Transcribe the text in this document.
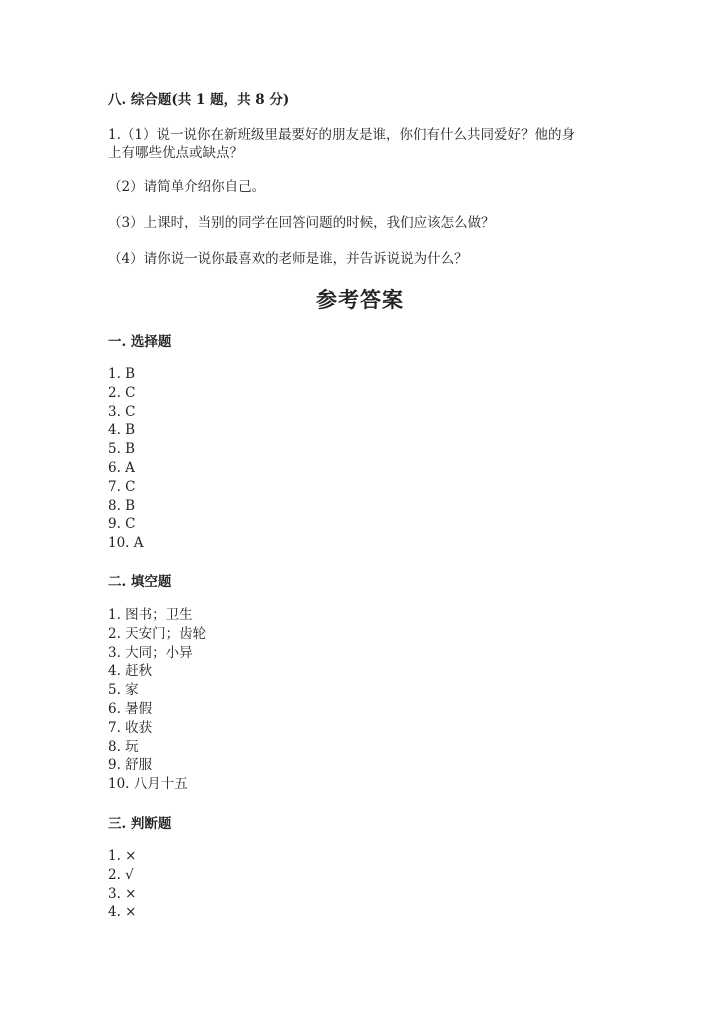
八. 综合题(共 1 题，共 8 分)
1.（1）说一说你在新班级里最要好的朋友是谁，你们有什么共同爱好？他的身
上有哪些优点或缺点？
（2）请简单介绍你自己。
（3）上课时，当别的同学在回答问题的时候，我们应该怎么做？
（4）请你说一说你最喜欢的老师是谁，并告诉说说为什么？
参考答案
一. 选择题
1. B
2. C
3. C
4. B
5. B
6. A
7. C
8. B
9. C
10. A
二. 填空题
1. 图书；卫生
2. 天安门；齿轮
3. 大同；小异
4. 赶秋
5. 家
6. 暑假
7. 收获
8. 玩
9. 舒服
10. 八月十五
三. 判断题
1. ×
2. √
3. ×
4. ×
